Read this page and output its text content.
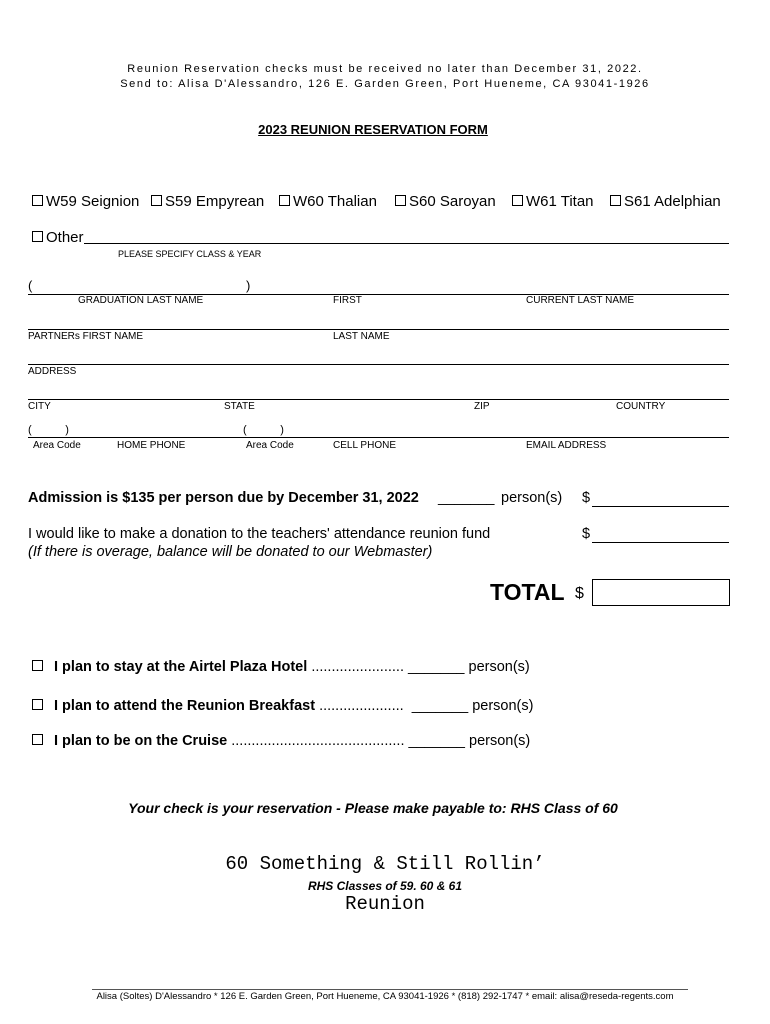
Reunion Reservation checks must be received no later than December 31, 2022.
Send to: Alisa D'Alessandro, 126 E. Garden Green, Port Hueneme, CA 93041-1926
2023 REUNION RESERVATION FORM
W59 Seignion	S59 Empyrean	W60 Thalian	S60 Saroyan	W61 Titan	S61 Adelphian
Other
PLEASE SPECIFY CLASS & YEAR
(	)
GRADUATION LAST NAME	FIRST	CURRENT LAST NAME
PARTNERs FIRST NAME	LAST NAME
ADDRESS
CITY	STATE	ZIP	COUNTRY
(           )	(           )
Area Code	HOME PHONE	Area Code	CELL PHONE	EMAIL ADDRESS
Admission is $135 per person due by December 31, 2022 _______ person(s) $
I would like to make a donation to the teachers' attendance reunion fund	$
(If there is overage, balance will be donated to our Webmaster)
TOTAL $
I plan to stay at the Airtel Plaza Hotel ....................... _______ person(s)
I plan to attend the Reunion Breakfast ..................... _______ person(s)
I plan to be on the Cruise ........................................... _______ person(s)
Your check is your reservation - Please make payable to: RHS Class of 60
60 Something & Still Rollin’
RHS Classes of 59. 60 & 61
Reunion
Alisa (Soltes) D'Alessandro * 126 E. Garden Green, Port Hueneme, CA 93041-1926 * (818) 292-1747 * email: alisa@reseda-regents.com
